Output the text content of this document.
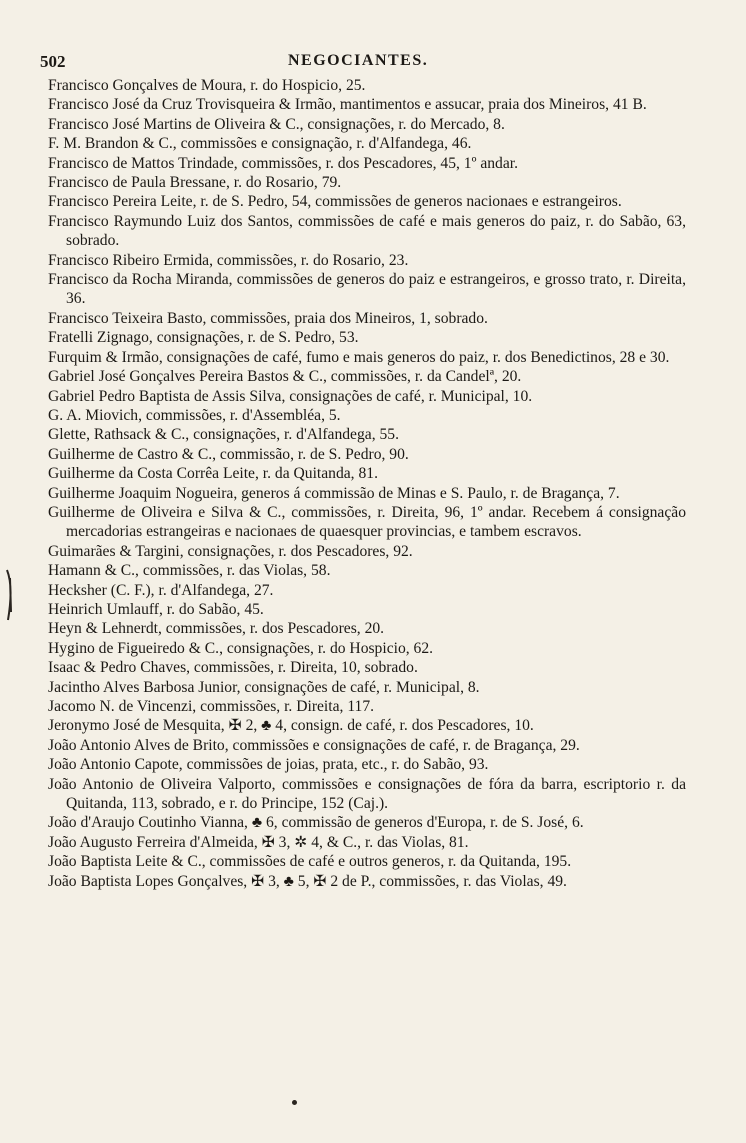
502	NEGOCIANTES.
Francisco Gonçalves de Moura, r. do Hospicio, 25.
Francisco José da Cruz Trovisqueira & Irmão, mantimentos e assucar, praia dos Mineiros, 41 B.
Francisco José Martins de Oliveira & C., consignações, r. do Mercado, 8.
F. M. Brandon & C., commissões e consignação, r. d'Alfandega, 46.
Francisco de Mattos Trindade, commissões, r. dos Pescadores, 45, 1º andar.
Francisco de Paula Bressane, r. do Rosario, 79.
Francisco Pereira Leite, r. de S. Pedro, 54, commissões de generos nacionaes e estrangeiros.
Francisco Raymundo Luiz dos Santos, commissões de café e mais generos do paiz, r. do Sabão, 63, sobrado.
Francisco Ribeiro Ermida, commissões, r. do Rosario, 23.
Francisco da Rocha Miranda, commissões de generos do paiz e estrangeiros, e grosso trato, r. Direita, 36.
Francisco Teixeira Basto, commissões, praia dos Mineiros, 1, sobrado.
Fratelli Zignago, consignações, r. de S. Pedro, 53.
Furquim & Irmão, consignações de café, fumo e mais generos do paiz, r. dos Benedictinos, 28 e 30.
Gabriel José Gonçalves Pereira Bastos & C., commissões, r. da Candelª, 20.
Gabriel Pedro Baptista de Assis Silva, consignações de café, r. Municipal, 10.
G. A. Miovich, commissões, r. d'Assembléa, 5.
Glette, Rathsack & C., consignações, r. d'Alfandega, 55.
Guilherme de Castro & C., commissão, r. de S. Pedro, 90.
Guilherme da Costa Corrêa Leite, r. da Quitanda, 81.
Guilherme Joaquim Nogueira, generos á commissão de Minas e S. Paulo, r. de Bragança, 7.
Guilherme de Oliveira e Silva & C., commissões, r. Direita, 96, 1º andar. Recebem á consignação mercadorias estrangeiras e nacionaes de quaesquer provincias, e tambem escravos.
Guimarães & Targini, consignações, r. dos Pescadores, 92.
Hamann & C., commissões, r. das Violas, 58.
Hecksher (C. F.), r. d'Alfandega, 27.
Heinrich Umlauff, r. do Sabão, 45.
Heyn & Lehnerdt, commissões, r. dos Pescadores, 20.
Hygino de Figueiredo & C., consignações, r. do Hospicio, 62.
Isaac & Pedro Chaves, commissões, r. Direita, 10, sobrado.
Jacintho Alves Barbosa Junior, consignações de café, r. Municipal, 8.
Jacomo N. de Vincenzi, commissões, r. Direita, 117.
Jeronymo José de Mesquita, ✠ 2, ♣ 4, consign. de café, r. dos Pescadores, 10.
João Antonio Alves de Brito, commissões e consignações de café, r. de Bragança, 29.
João Antonio Capote, commissões de joias, prata, etc., r. do Sabão, 93.
João Antonio de Oliveira Valporto, commissões e consignações de fóra da barra, escriptorio r. da Quitanda, 113, sobrado, e r. do Principe, 152 (Caj.).
João d'Araujo Coutinho Vianna, ♣ 6, commissão de generos d'Europa, r. de S. José, 6.
João Augusto Ferreira d'Almeida, ✠ 3, ✲ 4, & C., r. das Violas, 81.
João Baptista Leite & C., commissões de café e outros generos, r. da Quitanda, 195.
João Baptista Lopes Gonçalves, ✠ 3, ♣ 5, ✠ 2 de P., commissões, r. das Violas, 49.
